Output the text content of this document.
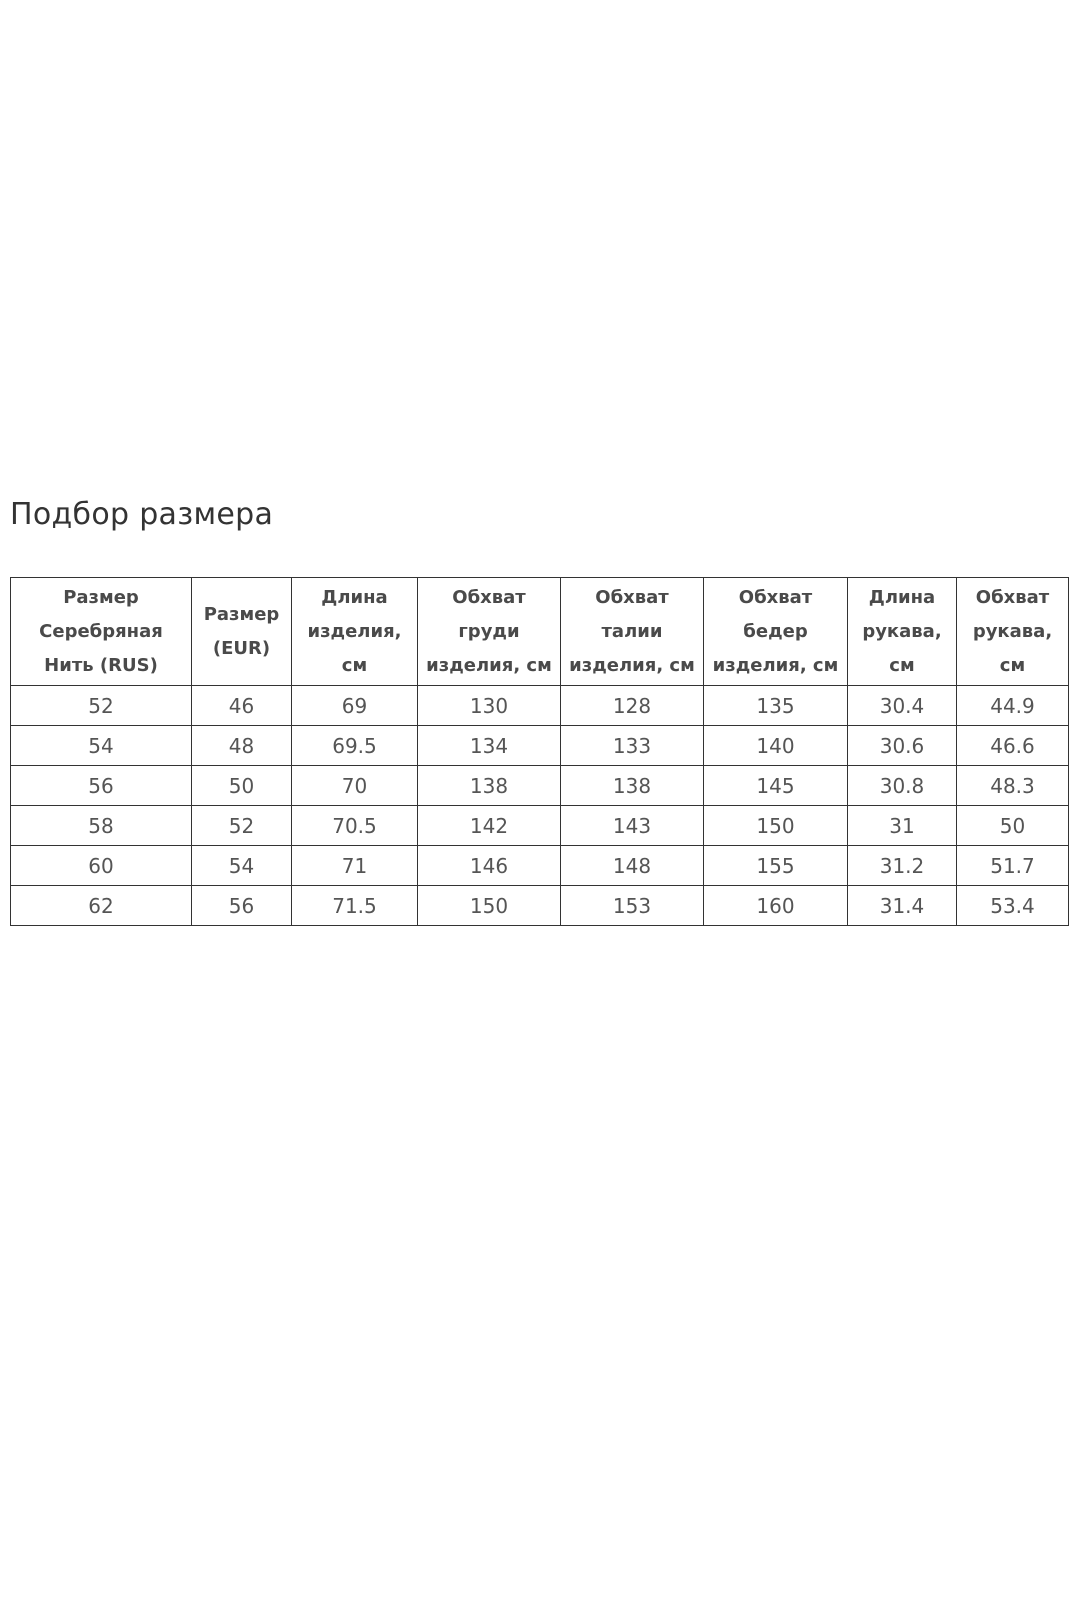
Подбор размера
Размер Серебряная Нить (RUS)	Размер (EUR)	Длина изделия, см	Обхват груди изделия, см	Обхват талии изделия, см	Обхват бедер изделия, см	Длина рукава, см	Обхват рукава, см
52	46	69	130	128	135	30.4	44.9
54	48	69.5	134	133	140	30.6	46.6
56	50	70	138	138	145	30.8	48.3
58	52	70.5	142	143	150	31	50
60	54	71	146	148	155	31.2	51.7
62	56	71.5	150	153	160	31.4	53.4
